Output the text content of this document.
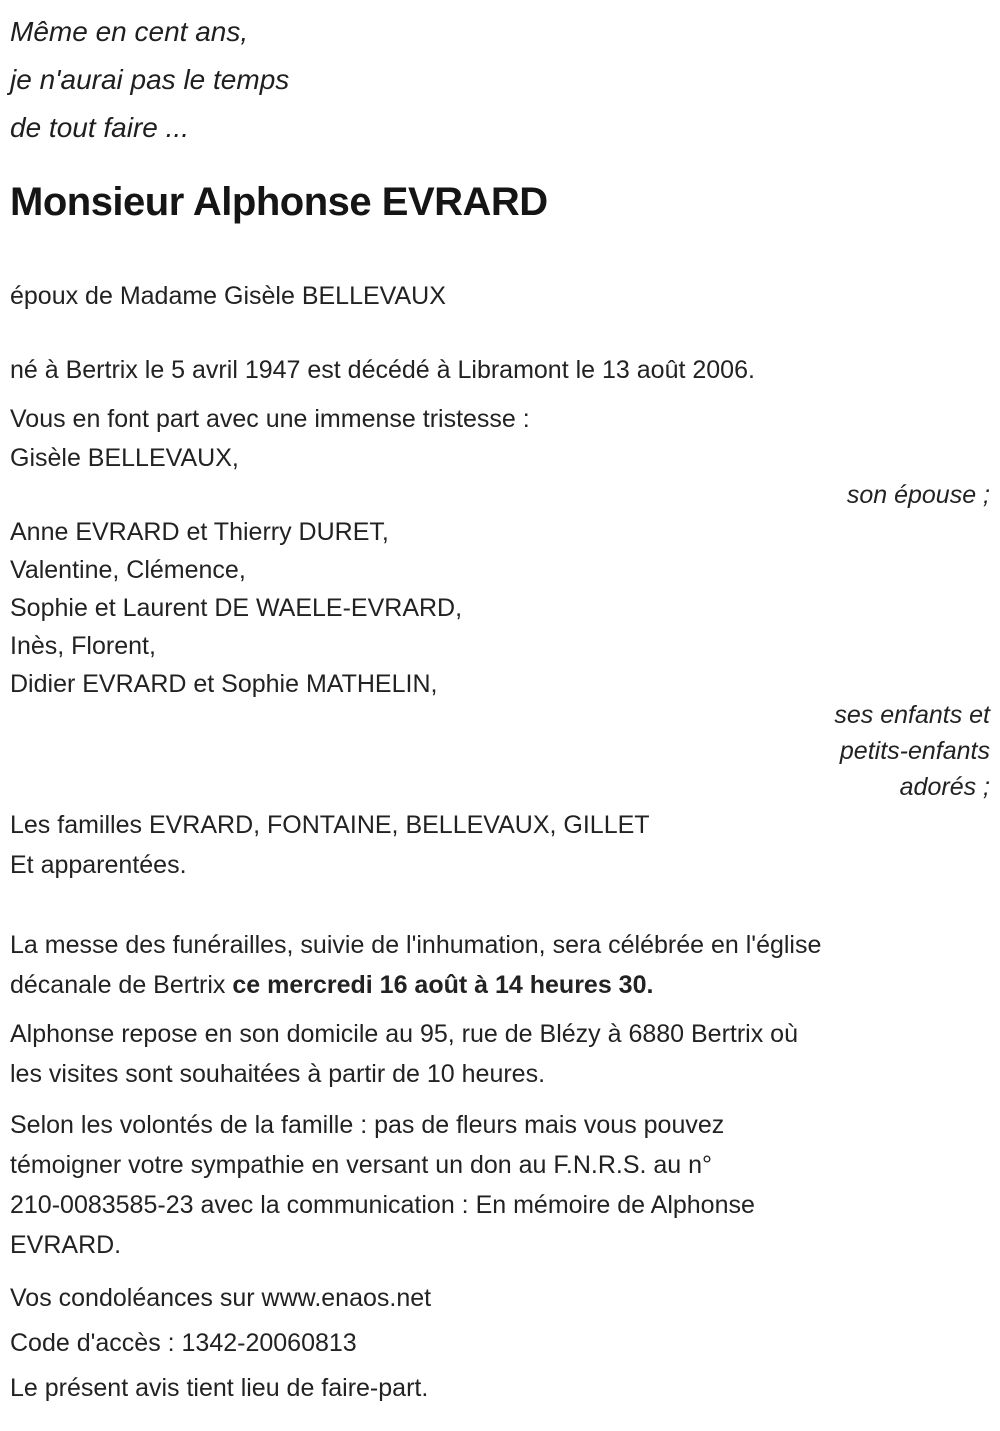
Même en cent ans,

je n'aurai pas le temps

de tout faire ...

Monsieur Alphonse EVRARD

époux de Madame Gisèle BELLEVAUX

né à Bertrix le 5 avril 1947 est décédé à Libramont le 13 août 2006.

Vous en font part avec une immense tristesse :

Gisèle BELLEVAUX,

son épouse ;

Anne EVRARD et Thierry DURET,

Valentine, Clémence,

Sophie et Laurent DE WAELE-EVRARD,

Inès, Florent,

Didier EVRARD et Sophie MATHELIN,

ses enfants et

petits-enfants

adorés ;

Les familles EVRARD, FONTAINE, BELLEVAUX, GILLET

Et apparentées.

La messe des funérailles, suivie de l'inhumation, sera célébrée en l'église

décanale de Bertrix ce mercredi 16 août à 14 heures 30.

Alphonse repose en son domicile au 95, rue de Blézy à 6880 Bertrix où

les visites sont souhaitées à partir de 10 heures.

Selon les volontés de la famille : pas de fleurs mais vous pouvez

témoigner votre sympathie en versant un don au F.N.R.S. au n°

210-0083585-23 avec la communication : En mémoire de Alphonse

EVRARD.

Vos condoléances sur www.enaos.net

Code d'accès : 1342-20060813

Le présent avis tient lieu de faire-part.
